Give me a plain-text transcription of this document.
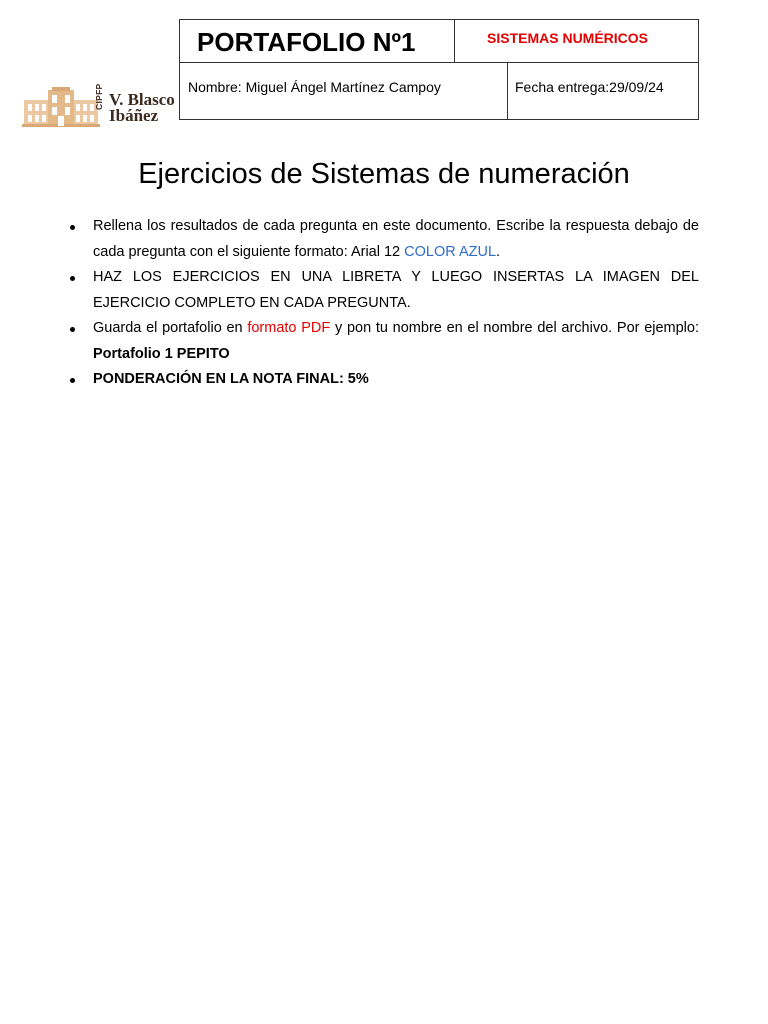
CIPFP V. Blasco
Ibáñez
PORTAFOLIO Nº1	SISTEMAS NUMÉRICOS
Nombre: Miguel Ángel Martínez Campoy	Fecha entrega:29/09/24
Ejercicios de Sistemas de numeración
Rellena los resultados de cada pregunta en este documento. Escribe la respuesta debajo de cada pregunta con el siguiente formato: Arial 12 COLOR AZUL.
HAZ LOS EJERCICIOS EN UNA LIBRETA Y LUEGO INSERTAS LA IMAGEN DEL EJERCICIO COMPLETO EN CADA PREGUNTA.
Guarda el portafolio en formato PDF y pon tu nombre en el nombre del archivo. Por ejemplo: Portafolio 1 PEPITO
PONDERACIÓN EN LA NOTA FINAL: 5%
